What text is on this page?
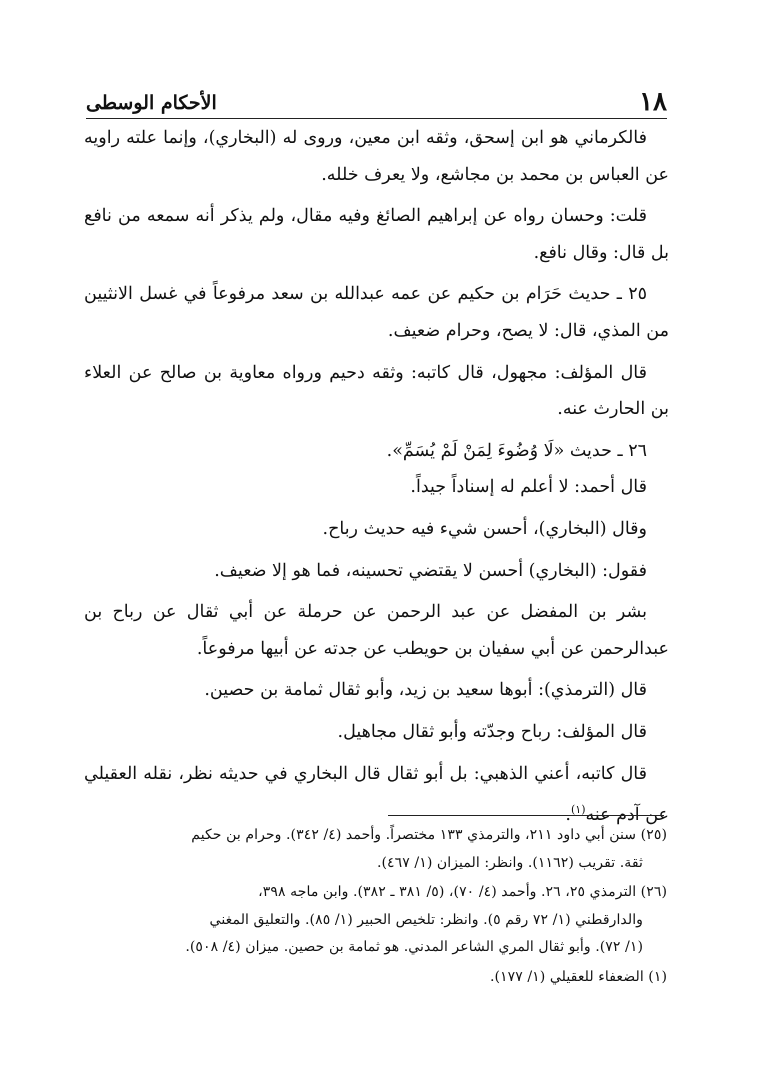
١٨
الأحكام الوسطى

فالكرماني هو ابن إسحق، وثقه ابن معين، وروى له (البخاري)، وإنما علته راويه عن العباس بن محمد بن مجاشع، ولا يعرف خلله.

قلت: وحسان رواه عن إبراهيم الصائغ وفيه مقال، ولم يذكر أنه سمعه من نافع بل قال: وقال نافع.

٢٥ ـ حديث حَرَام بن حكيم عن عمه عبدالله بن سعد مرفوعاً في غسل الانثيين من المذي، قال: لا يصح، وحرام ضعيف.

قال المؤلف: مجهول، قال كاتبه: وثقه دحيم ورواه معاوية بن صالح عن العلاء بن الحارث عنه.

٢٦ ـ حديث «لَا وُضُوءَ لِمَنْ لَمْ يُسَمِّ».

قال أحمد: لا أعلم له إسناداً جيداً.

وقال (البخاري)، أحسن شيء فيه حديث رباح.

فقول: (البخاري) أحسن لا يقتضي تحسينه، فما هو إلا ضعيف.

بشر بن المفضل عن عبد الرحمن عن حرملة عن أبي ثقال عن رباح بن عبدالرحمن عن أبي سفيان بن حويطب عن جدته عن أبيها مرفوعاً.

قال (الترمذي): أبوها سعيد بن زيد، وأبو ثقال ثمامة بن حصين.

قال المؤلف: رباح وجدّته وأبو ثقال مجاهيل.

قال كاتبه، أعني الذهبي: بل أبو ثقال قال البخاري في حديثه نظر، نقله العقيلي عن آدم عنه$^{(١)}$.

(٢٥) سنن أبي داود ٢١١، والترمذي ١٣٣ مختصراً. وأحمد (٤/ ٣٤٢). وحرام بن حكيم
ثقة. تقريب (١١٦٢). وانظر: الميزان (١/ ٤٦٧).

(٢٦) الترمذي ٢٥، ٢٦. وأحمد (٤/ ٧٠)، (٥/ ٣٨١ ـ ٣٨٢). وابن ماجه ٣٩٨،
والدارقطني (١/ ٧٢ رقم ٥). وانظر: تلخيص الحبير (١/ ٨٥). والتعليق المغني
(١/ ٧٢). وأبو ثقال المري الشاعر المدني. هو ثمامة بن حصين. ميزان (٤/ ٥٠٨).

(١) الضعفاء للعقيلي (١/ ١٧٧).
